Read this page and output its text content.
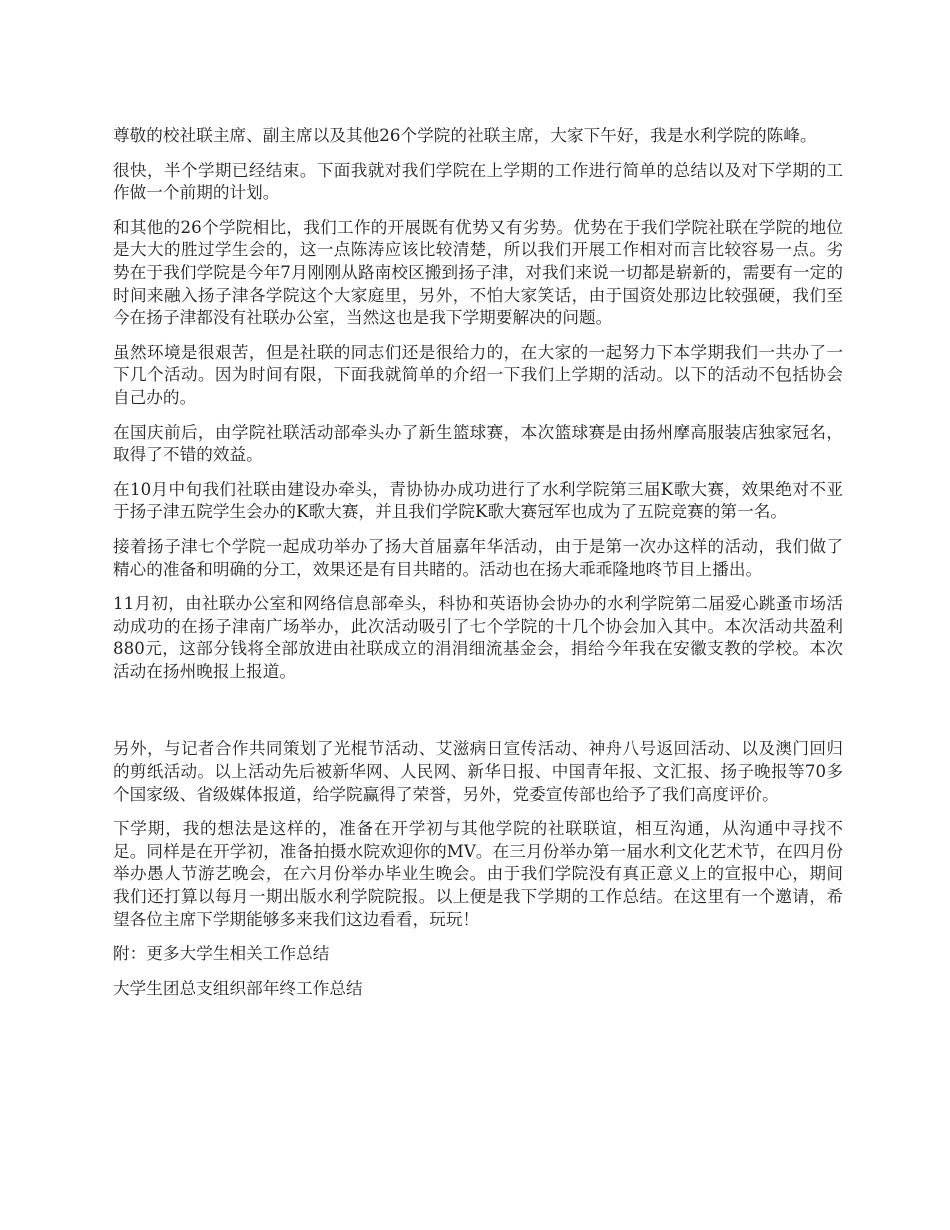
尊敬的校社联主席、副主席以及其他26个学院的社联主席，大家下午好，我是水利学院的陈峰。

很快，半个学期已经结束。下面我就对我们学院在上学期的工作进行简单的总结以及对下学期的工作做一个前期的计划。

和其他的26个学院相比，我们工作的开展既有优势又有劣势。优势在于我们学院社联在学院的地位是大大的胜过学生会的，这一点陈涛应该比较清楚，所以我们开展工作相对而言比较容易一点。劣势在于我们学院是今年7月刚刚从路南校区搬到扬子津，对我们来说一切都是崭新的，需要有一定的时间来融入扬子津各学院这个大家庭里，另外，不怕大家笑话，由于国资处那边比较强硬，我们至今在扬子津都没有社联办公室，当然这也是我下学期要解决的问题。

虽然环境是很艰苦，但是社联的同志们还是很给力的，在大家的一起努力下本学期我们一共办了一下几个活动。因为时间有限，下面我就简单的介绍一下我们上学期的活动。以下的活动不包括协会自己办的。

在国庆前后，由学院社联活动部牵头办了新生篮球赛，本次篮球赛是由扬州摩高服装店独家冠名，取得了不错的效益。

在10月中旬我们社联由建设办牵头，青协协办成功进行了水利学院第三届K歌大赛，效果绝对不亚于扬子津五院学生会办的K歌大赛，并且我们学院K歌大赛冠军也成为了五院竞赛的第一名。

接着扬子津七个学院一起成功举办了扬大首届嘉年华活动，由于是第一次办这样的活动，我们做了精心的准备和明确的分工，效果还是有目共睹的。活动也在扬大乖乖隆地咚节目上播出。

11月初，由社联办公室和网络信息部牵头，科协和英语协会协办的水利学院第二届爱心跳蚤市场活动成功的在扬子津南广场举办，此次活动吸引了七个学院的十几个协会加入其中。本次活动共盈利880元，这部分钱将全部放进由社联成立的涓涓细流基金会，捐给今年我在安徽支教的学校。本次活动在扬州晚报上报道。

另外，与记者合作共同策划了光棍节活动、艾滋病日宣传活动、神舟八号返回活动、以及澳门回归的剪纸活动。以上活动先后被新华网、人民网、新华日报、中国青年报、文汇报、扬子晚报等70多个国家级、省级媒体报道，给学院赢得了荣誉，另外，党委宣传部也给予了我们高度评价。

下学期，我的想法是这样的，准备在开学初与其他学院的社联联谊，相互沟通，从沟通中寻找不足。同样是在开学初，准备拍摄水院欢迎你的MV。在三月份举办第一届水利文化艺术节，在四月份举办愚人节游艺晚会，在六月份举办毕业生晚会。由于我们学院没有真正意义上的宣报中心，期间我们还打算以每月一期出版水利学院院报。以上便是我下学期的工作总结。在这里有一个邀请，希望各位主席下学期能够多来我们这边看看，玩玩！

附：更多大学生相关工作总结

大学生团总支组织部年终工作总结
